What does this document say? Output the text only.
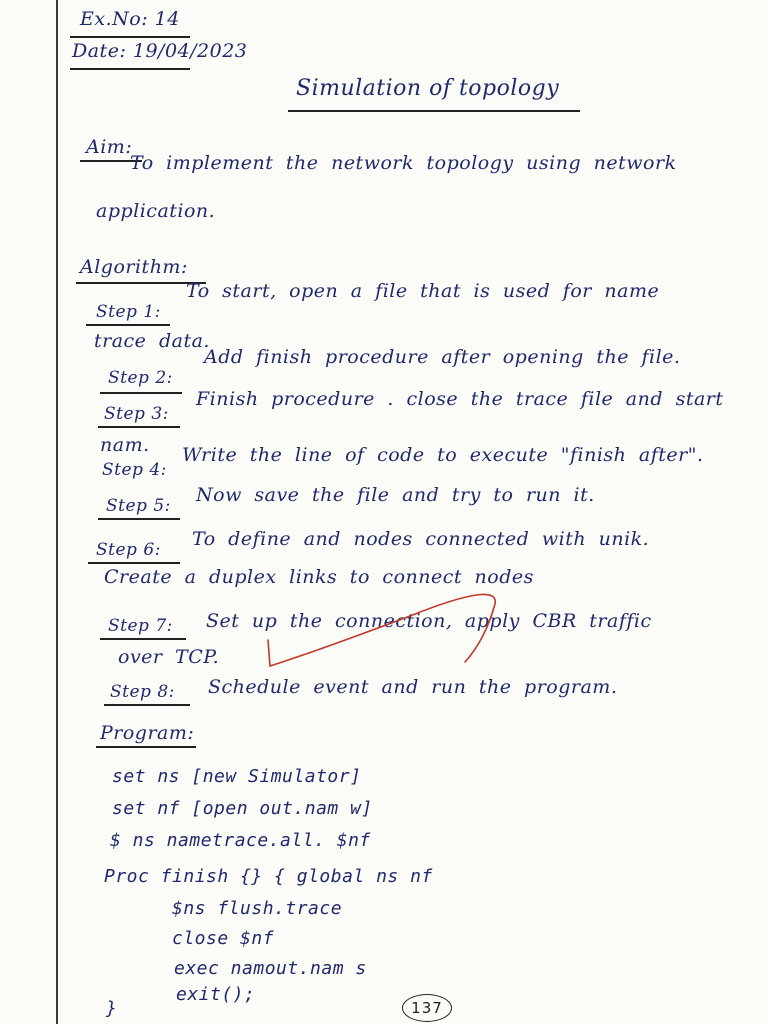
Ex.No: 14
Date: 19/04/2023
Simulation of topology
Aim:
To implement the network topology using network
application.
Algorithm:
Step 1:
To start, open a file that is used for name
trace data.
Step 2:
Add finish procedure after opening the file.
Step 3:
Finish procedure . close the trace file and start
nam.
Step 4:
Write the line of code to execute "finish after".
Step 5: Now save the file and try to run it.
Step 6: To define and nodes connected with unik.
Create a duplex links to connect nodes
Step 7: Set up the connection, apply CBR traffic
over TCP.
Step 8: Schedule event and run the program.
Program:
set ns [new Simulator]
set nf [open out.nam w]
$ ns nametrace.all. $nf
Proc finish {} { global ns nf
$ns flush.trace
close $nf
exec namout.nam s
exit();
}	137
